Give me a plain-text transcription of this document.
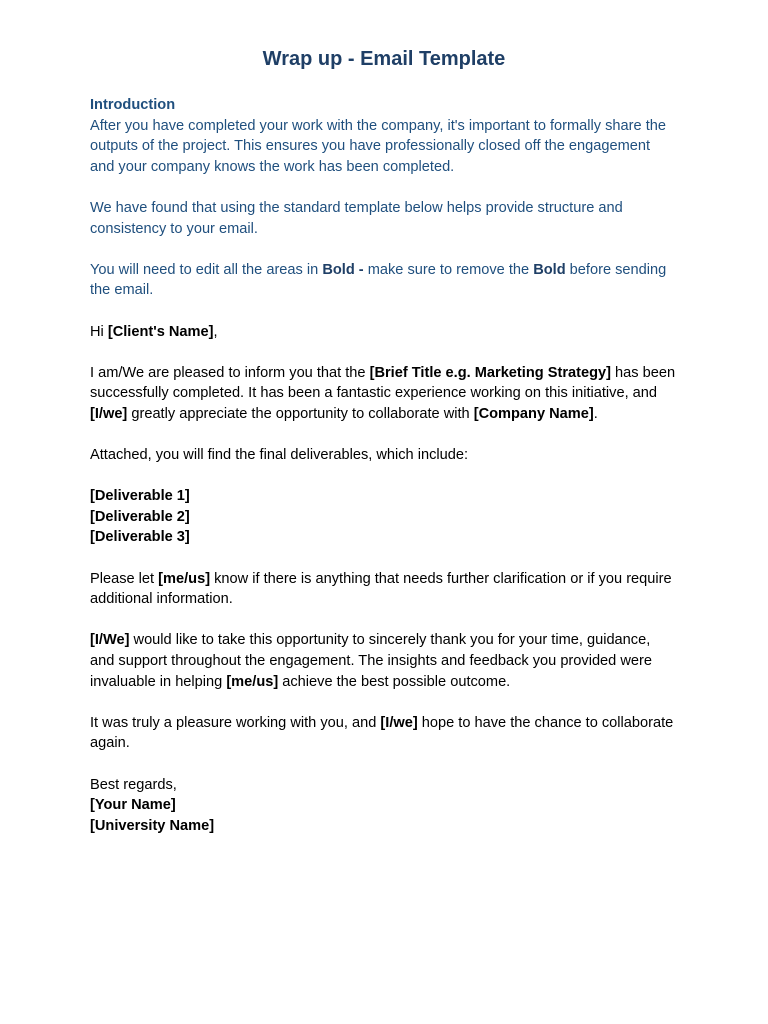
Wrap up - Email Template

Introduction

After you have completed your work with the company, it's important to formally share the outputs of the project. This ensures you have professionally closed off the engagement and your company knows the work has been completed.

We have found that using the standard template below helps provide structure and consistency to your email.

You will need to edit all the areas in Bold - make sure to remove the Bold before sending the email.

Hi [Client's Name],

I am/We are pleased to inform you that the [Brief Title e.g. Marketing Strategy] has been successfully completed. It has been a fantastic experience working on this initiative, and [I/we] greatly appreciate the opportunity to collaborate with [Company Name].

Attached, you will find the final deliverables, which include:

[Deliverable 1]

[Deliverable 2]

[Deliverable 3]

Please let [me/us] know if there is anything that needs further clarification or if you require additional information.

[I/We] would like to take this opportunity to sincerely thank you for your time, guidance, and support throughout the engagement. The insights and feedback you provided were invaluable in helping [me/us] achieve the best possible outcome.

It was truly a pleasure working with you, and [I/we] hope to have the chance to collaborate again.

Best regards,

[Your Name]

[University Name]
